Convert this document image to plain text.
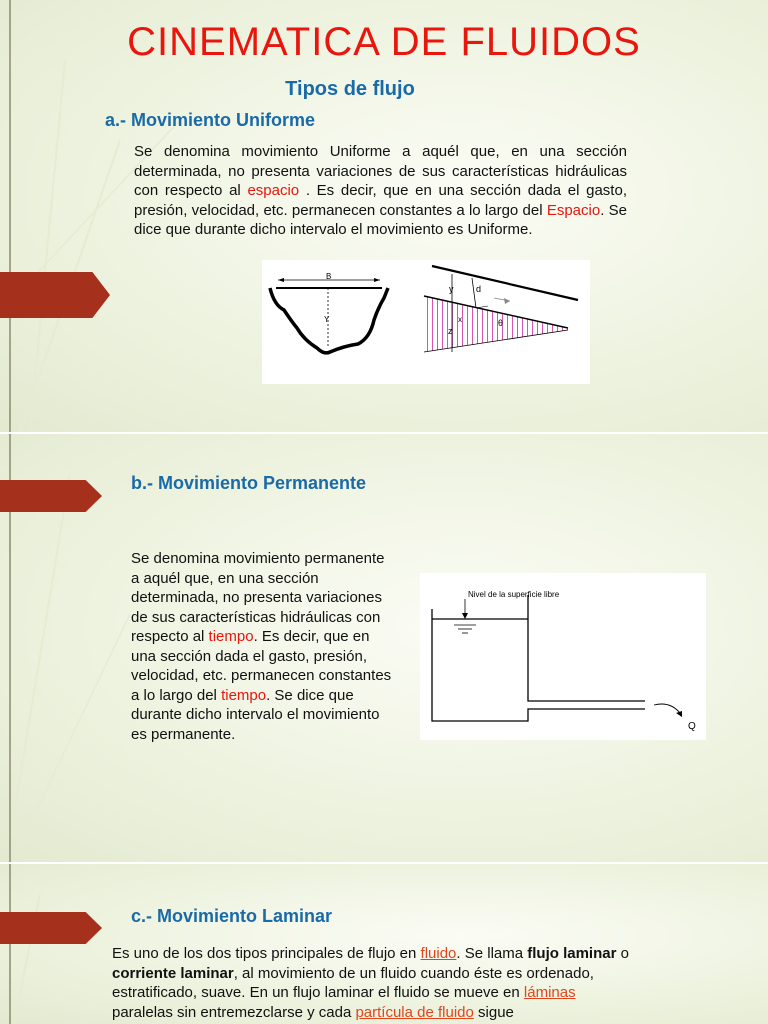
CINEMATICA DE FLUIDOS
Tipos de flujo
a.- Movimiento Uniforme
Se denomina movimiento Uniforme a aquél que, en una sección determinada, no presenta variaciones de sus características hidráulicas con respecto al espacio . Es decir, que en una sección dada el gasto, presión, velocidad, etc. permanecen constantes a lo largo del Espacio. Se dice que durante dicho intervalo el movimiento es Uniforme.
B
Y
y	d
x
z
θ
b.- Movimiento Permanente
Se denomina movimiento permanente a aquél que, en una sección determinada, no presenta variaciones de sus características hidráulicas con respecto al tiempo. Es decir, que en una sección dada el gasto, presión, velocidad, etc. permanecen constantes a lo largo del tiempo. Se dice que durante dicho intervalo el movimiento es permanente.
Nivel de la superficie libre
Q
c.- Movimiento Laminar
Es uno de los dos tipos principales de flujo en fluido. Se llama flujo laminar o corriente laminar, al movimiento de un fluido cuando éste es ordenado, estratificado, suave. En un flujo laminar el fluido se mueve en láminas paralelas sin entremezclarse y cada partícula de fluido sigue
